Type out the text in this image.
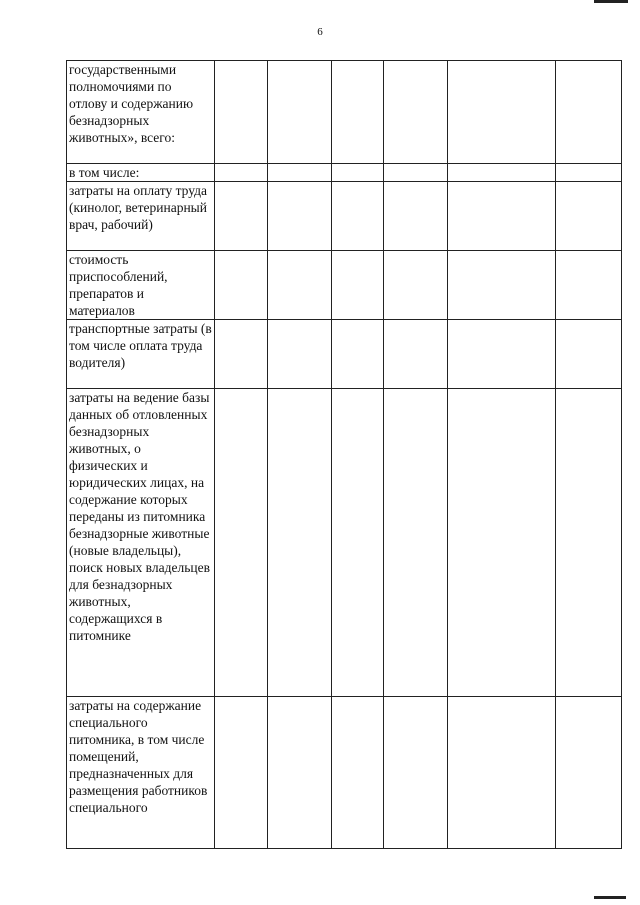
6
государственными полномочиями по отлову и содержанию безнадзорных животных», всего:						
в том числе:						
затраты на оплату труда (кинолог, ветеринарный врач, рабочий)						
стоимость приспособлений, препаратов и материалов						
транспортные затраты (в том числе оплата труда водителя)						
затраты на ведение базы данных об отловленных безнадзорных животных, о физических и юридических лицах, на содержание которых переданы из питомника безнадзорные животные (новые владельцы), поиск новых владельцев для безнадзорных животных, содержащихся в питомнике						
затраты на содержание специального питомника, в том числе помещений, предназначенных для размещения работников специального						
